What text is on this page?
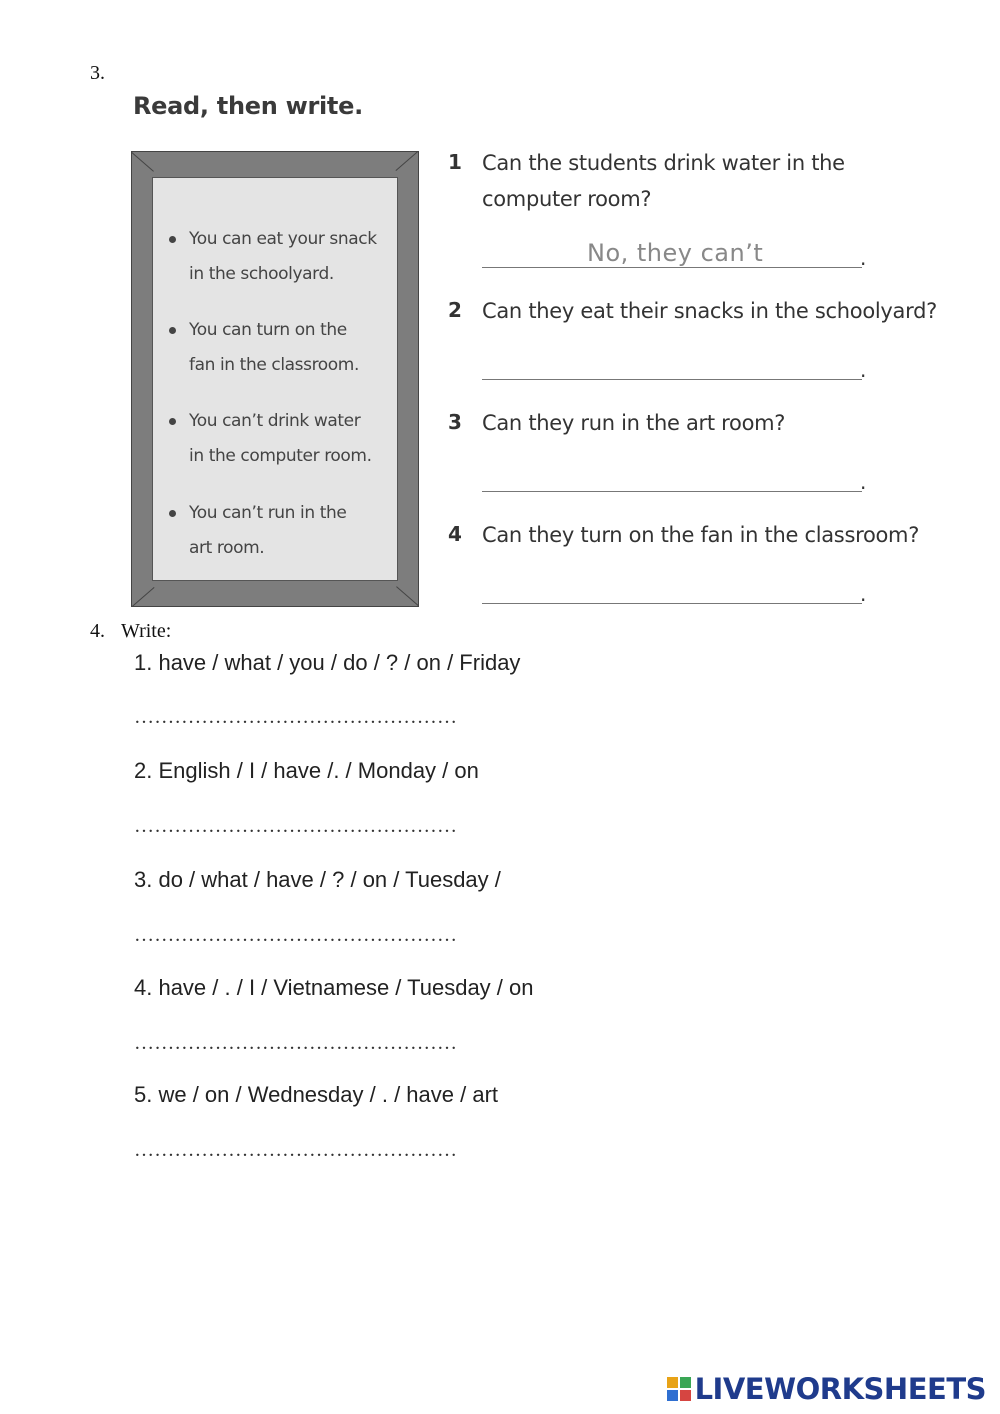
3.
Read, then write.
You can eat your snack
in the schoolyard.
You can turn on the
fan in the classroom.
You can’t drink water
in the computer room.
You can’t run in the
art room.
1 Can the students drink water in the
computer room?
No, they can’t	.
2 Can they eat their snacks in the schoolyard?
.
3 Can they run in the art room?
.
4 Can they turn on the fan in the classroom?
.
4. Write:
1. have / what / you / do / ? / on / Friday
…………………………………………
2. English / I / have /. / Monday / on
…………………………………………
3. do / what / have / ? / on / Tuesday /
…………………………………………
4. have / . / I / Vietnamese / Tuesday / on
…………………………………………
5. we / on / Wednesday / . / have / art
…………………………………………
LIVEWORKSHEETS
